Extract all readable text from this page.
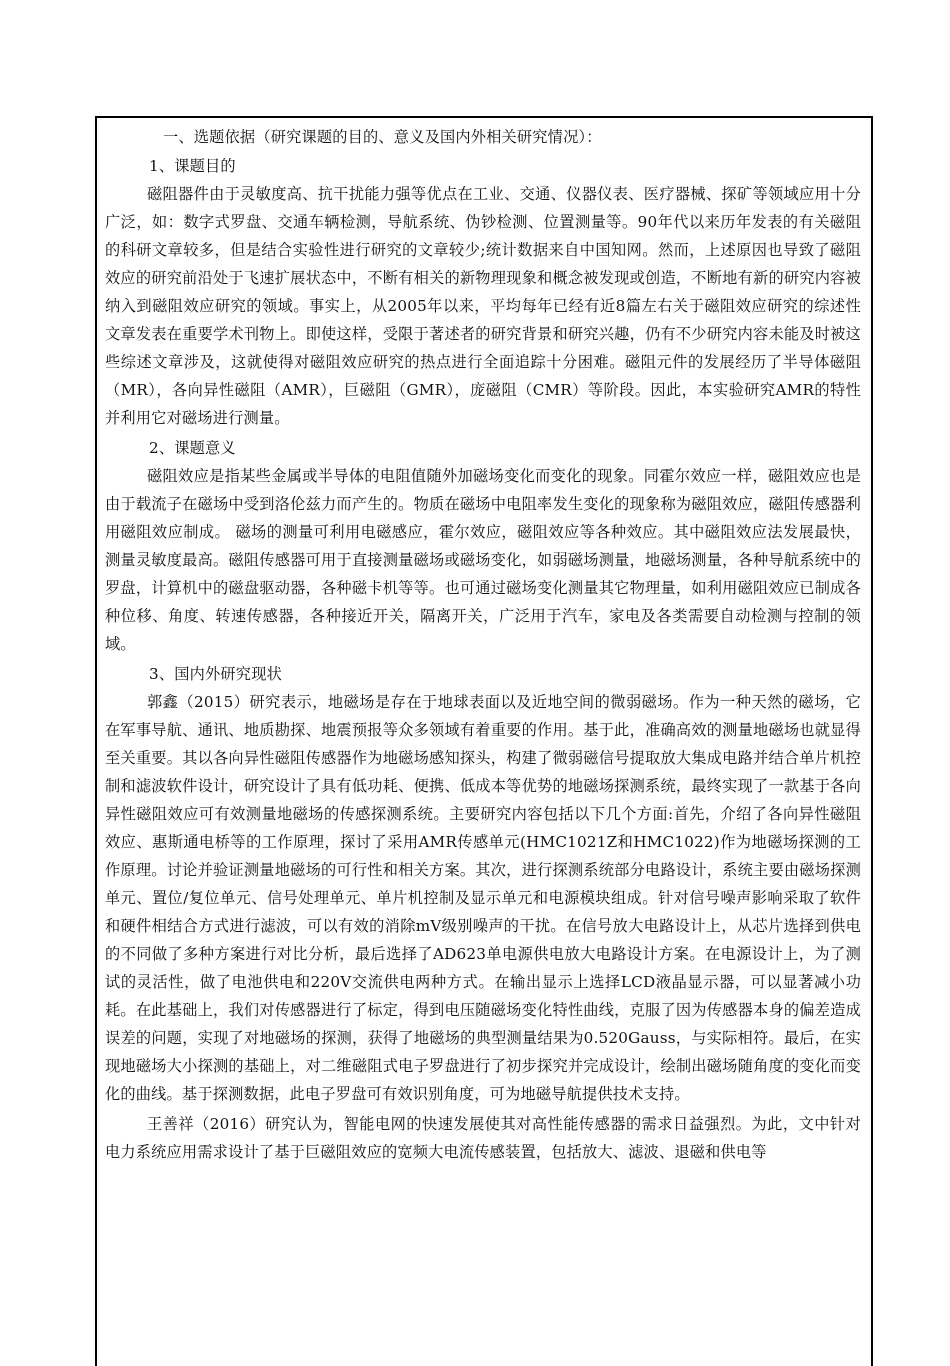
一、选题依据（研究课题的目的、意义及国内外相关研究情况）：

1、课题目的

磁阻器件由于灵敏度高、抗干扰能力强等优点在工业、交通、仪器仪表、医疗器械、探矿等领域应用十分广泛，如：数字式罗盘、交通车辆检测，导航系统、伪钞检测、位置测量等。90年代以来历年发表的有关磁阻的科研文章较多，但是结合实验性进行研究的文章较少;统计数据来自中国知网。然而，上述原因也导致了磁阻效应的研究前沿处于飞速扩展状态中，不断有相关的新物理现象和概念被发现或创造，不断地有新的研究内容被纳入到磁阻效应研究的领域。事实上，从2005年以来，平均每年已经有近8篇左右关于磁阻效应研究的综述性文章发表在重要学术刊物上。即使这样，受限于著述者的研究背景和研究兴趣，仍有不少研究内容未能及时被这些综述文章涉及，这就使得对磁阻效应研究的热点进行全面追踪十分困难。磁阻元件的发展经历了半导体磁阻（MR），各向异性磁阻（AMR），巨磁阻（GMR），庞磁阻（CMR）等阶段。因此，本实验研究AMR的特性并利用它对磁场进行测量。

2、课题意义

磁阻效应是指某些金属或半导体的电阻值随外加磁场变化而变化的现象。同霍尔效应一样，磁阻效应也是由于载流子在磁场中受到洛伦兹力而产生的。物质在磁场中电阻率发生变化的现象称为磁阻效应，磁阻传感器利用磁阻效应制成。 磁场的测量可利用电磁感应，霍尔效应，磁阻效应等各种效应。其中磁阻效应法发展最快，测量灵敏度最高。磁阻传感器可用于直接测量磁场或磁场变化，如弱磁场测量，地磁场测量，各种导航系统中的罗盘，计算机中的磁盘驱动器，各种磁卡机等等。也可通过磁场变化测量其它物理量，如利用磁阻效应已制成各种位移、角度、转速传感器，各种接近开关，隔离开关，广泛用于汽车，家电及各类需要自动检测与控制的领域。

3、国内外研究现状

郭鑫（2015）研究表示，地磁场是存在于地球表面以及近地空间的微弱磁场。作为一种天然的磁场，它在军事导航、通讯、地质勘探、地震预报等众多领域有着重要的作用。基于此，准确高效的测量地磁场也就显得至关重要。其以各向异性磁阻传感器作为地磁场感知探头，构建了微弱磁信号提取放大集成电路并结合单片机控制和滤波软件设计，研究设计了具有低功耗、便携、低成本等优势的地磁场探测系统，最终实现了一款基于各向异性磁阻效应可有效测量地磁场的传感探测系统。主要研究内容包括以下几个方面:首先，介绍了各向异性磁阻效应、惠斯通电桥等的工作原理，探讨了采用AMR传感单元(HMC1021Z和HMC1022)作为地磁场探测的工作原理。讨论并验证测量地磁场的可行性和相关方案。其次，进行探测系统部分电路设计，系统主要由磁场探测单元、置位/复位单元、信号处理单元、单片机控制及显示单元和电源模块组成。针对信号噪声影响采取了软件和硬件相结合方式进行滤波，可以有效的消除mV级别噪声的干扰。在信号放大电路设计上，从芯片选择到供电的不同做了多种方案进行对比分析，最后选择了AD623单电源供电放大电路设计方案。在电源设计上，为了测试的灵活性，做了电池供电和220V交流供电两种方式。在输出显示上选择LCD液晶显示器，可以显著减小功耗。在此基础上，我们对传感器进行了标定，得到电压随磁场变化特性曲线，克服了因为传感器本身的偏差造成误差的问题，实现了对地磁场的探测，获得了地磁场的典型测量结果为0.520Gauss，与实际相符。最后，在实现地磁场大小探测的基础上，对二维磁阻式电子罗盘进行了初步探究并完成设计，绘制出磁场随角度的变化而变化的曲线。基于探测数据，此电子罗盘可有效识别角度，可为地磁导航提供技术支持。

王善祥（2016）研究认为，智能电网的快速发展使其对高性能传感器的需求日益强烈。为此，文中针对电力系统应用需求设计了基于巨磁阻效应的宽频大电流传感装置，包括放大、滤波、退磁和供电等
